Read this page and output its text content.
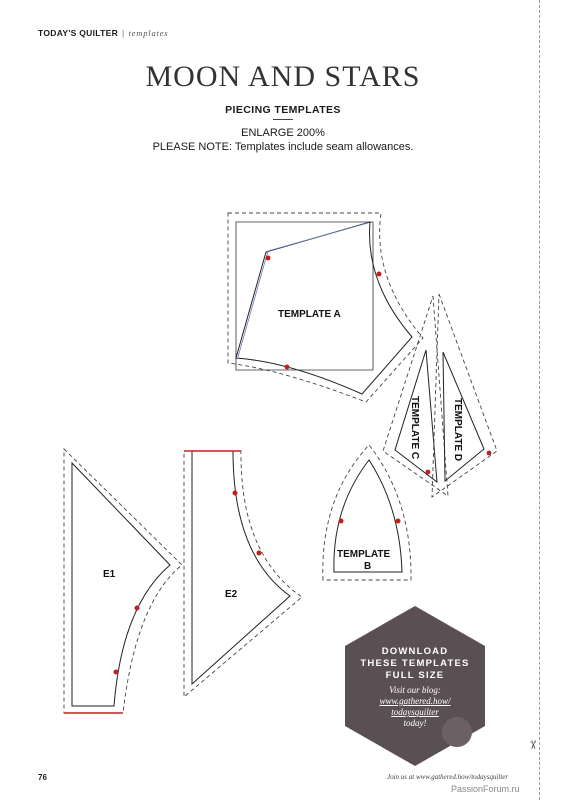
TODAY'S QUILTER | templates
MOON AND STARS
PIECING TEMPLATES
ENLARGE 200%
PLEASE NOTE: Templates include seam allowances.
TEMPLATE A
TEMPLATE C	TEMPLATE D
TEMPLATE
B
E1
E2
DOWNLOAD
THESE TEMPLATES
FULL SIZE
Visit our blog:
www.gathered.how/
todaysquilter
today!
✂
76	Join us at www.gathered.how/todaysquilter
PassionForum.ru
